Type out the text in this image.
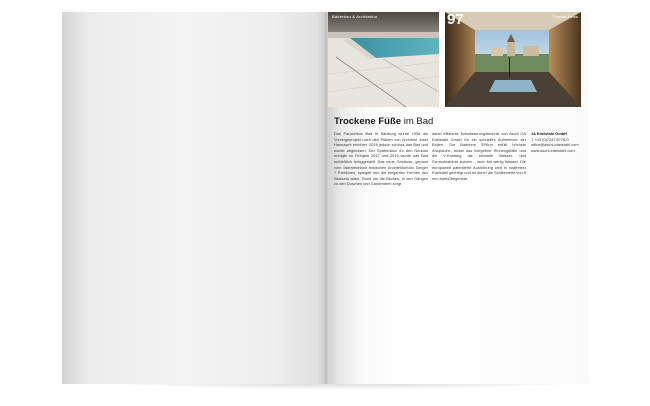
Bäderbau & Architektur	97	Produkt News
Trockene Füße im Bad
Das Paracelsus Bad in Salzburg wurde 1958 als Vorzeigeprojekt nach den Plänen von Architekt Josef Hannakek errichtet. 2016 jedoch schloss das Bad und wurde abgerissen. Der Spatenstich für den Neubau erfolgte im Frühjahr 2017 und 2019 wurde das Bad schließlich fertiggestellt. Das neue Gebäude, geplant vom österreichisch-finnischen Architekturbüro Berger + Parkkinen, spiegelt nun die eleganten Formen des Wassers wider. Rund um die Becken, in den Gängen zu den Duschen und Garderoben sorgt
dabei effiziente Entwässerungstechnik von Aschl OA Edelstahl GmbH für ein schnelles Aufnehmen der Böden. Die Badrinne SPArin erfüllt höchste Ansprüche, wobei das integrierte Rinnengefälle und die V-Kantung die schnelle Wasser- und Schmutzabfuhr sichern – auch bei wenig Wasser. Die europaweit patentierte Ausführung wird in rostfreiem Edelstahl gefertigt und ist durch die Schlitzbreite von 8 mm barfußbegehbar.
1A Edelstahl GmbH
T +43 (0)7247 8778-0
office@aschl-edelstahl.com
www.aschl-edelstahl.com
